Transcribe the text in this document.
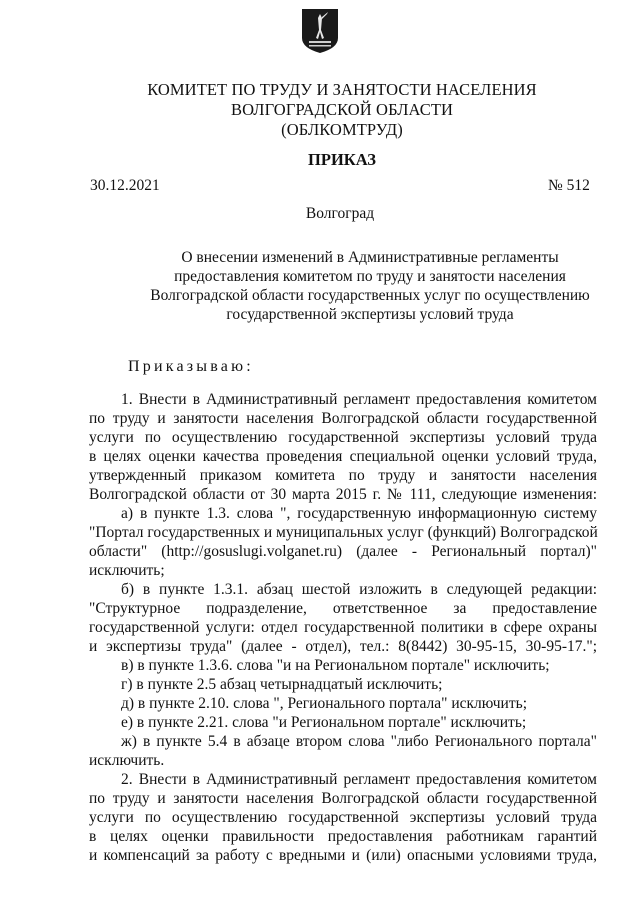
КОМИТЕТ ПО ТРУДУ И ЗАНЯТОСТИ НАСЕЛЕНИЯ
ВОЛГОГРАДСКОЙ ОБЛАСТИ
(ОБЛКОМТРУД)
ПРИКАЗ
30.12.2021	№ 512
Волгоград
О внесении изменений в Административные регламенты
предоставления комитетом по труду и занятости населения
Волгоградской области государственных услуг по осуществлению
государственной экспертизы условий труда
Приказываю:
1. Внести в Административный регламент предоставления комитетом
по труду и занятости населения Волгоградской области государственной
услуги по осуществлению государственной экспертизы условий труда
в целях оценки качества проведения специальной оценки условий труда,
утвержденный приказом комитета по труду и занятости населения
Волгоградской области от 30 марта 2015 г. № 111, следующие изменения:
а) в пункте 1.3. слова ", государственную информационную систему
"Портал государственных и муниципальных услуг (функций) Волгоградской
области" (http://gosuslugi.volganet.ru) (далее - Региональный портал)"
исключить;
б) в пункте 1.3.1. абзац шестой изложить в следующей редакции:
"Структурное подразделение, ответственное за предоставление
государственной услуги: отдел государственной политики в сфере охраны
и экспертизы труда" (далее - отдел), тел.: 8(8442) 30-95-15, 30-95-17.";
в) в пункте 1.3.6. слова "и на Региональном портале" исключить;
г) в пункте 2.5 абзац четырнадцатый исключить;
д) в пункте 2.10. слова ", Регионального портала" исключить;
е) в пункте 2.21. слова "и Региональном портале" исключить;
ж) в пункте 5.4 в абзаце втором слова "либо Регионального портала"
исключить.
2. Внести в Административный регламент предоставления комитетом
по труду и занятости населения Волгоградской области государственной
услуги по осуществлению государственной экспертизы условий труда
в целях оценки правильности предоставления работникам гарантий
и компенсаций за работу с вредными и (или) опасными условиями труда,
